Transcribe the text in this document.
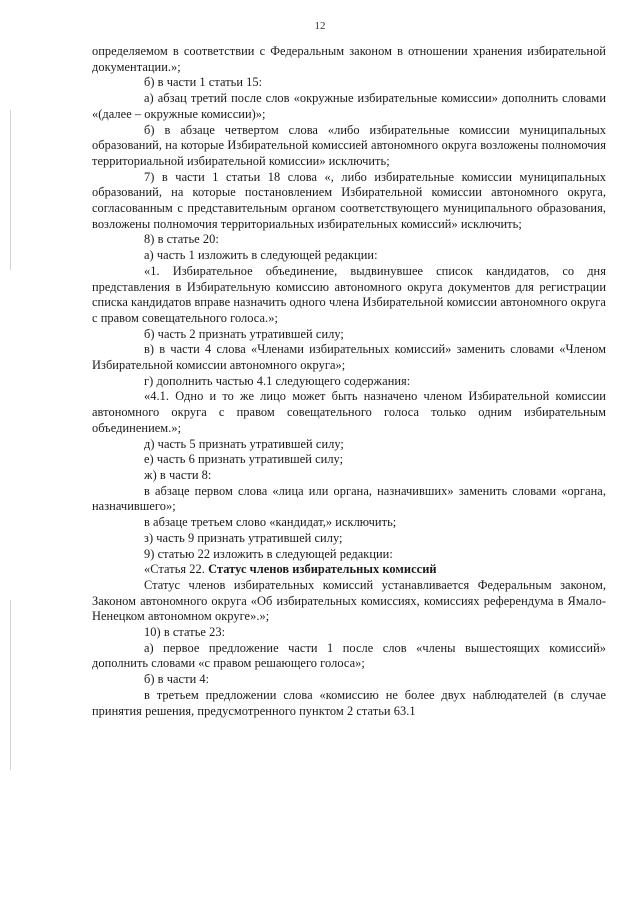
12

определяемом в соответствии с Федеральным законом в отношении хранения избирательной документации.»;

б) в части 1 статьи 15:

а) абзац третий после слов «окружные избирательные комиссии» дополнить словами «(далее – окружные комиссии)»;

б) в абзаце четвертом слова «либо избирательные комиссии муниципальных образований, на которые Избирательной комиссией автономного округа возложены полномочия территориальной избирательной комиссии» исключить;

7) в части 1 статьи 18 слова «, либо избирательные комиссии муниципальных образований, на которые постановлением Избирательной комиссии автономного округа, согласованным с представительным органом соответствующего муниципального образования, возложены полномочия территориальных избирательных комиссий» исключить;

8) в статье 20:

а) часть 1 изложить в следующей редакции:

«1. Избирательное объединение, выдвинувшее список кандидатов, со дня представления в Избирательную комиссию автономного округа документов для регистрации списка кандидатов вправе назначить одного члена Избирательной комиссии автономного округа с правом совещательного голоса.»;

б) часть 2 признать утратившей силу;

в) в части 4 слова «Членами избирательных комиссий» заменить словами «Членом Избирательной комиссии автономного округа»;

г) дополнить частью 4.1 следующего содержания:

«4.1. Одно и то же лицо может быть назначено членом Избирательной комиссии автономного округа с правом совещательного голоса только одним избирательным объединением.»;

д) часть 5 признать утратившей силу;

е) часть 6 признать утратившей силу;

ж) в части 8:

в абзаце первом слова «лица или органа, назначивших» заменить словами «органа, назначившего»;

в абзаце третьем слово «кандидат,» исключить;

з) часть 9 признать утратившей силу;

9) статью 22 изложить в следующей редакции:

«Статья 22. Статус членов избирательных комиссий

Статус членов избирательных комиссий устанавливается Федеральным законом, Законом автономного округа «Об избирательных комиссиях, комиссиях референдума в Ямало-Ненецком автономном округе».»;

10) в статье 23:

а) первое предложение части 1 после слов «члены вышестоящих комиссий» дополнить словами «с правом решающего голоса»;

б) в части 4:

в третьем предложении слова «комиссию не более двух наблюдателей (в случае принятия решения, предусмотренного пунктом 2 статьи 63.1
